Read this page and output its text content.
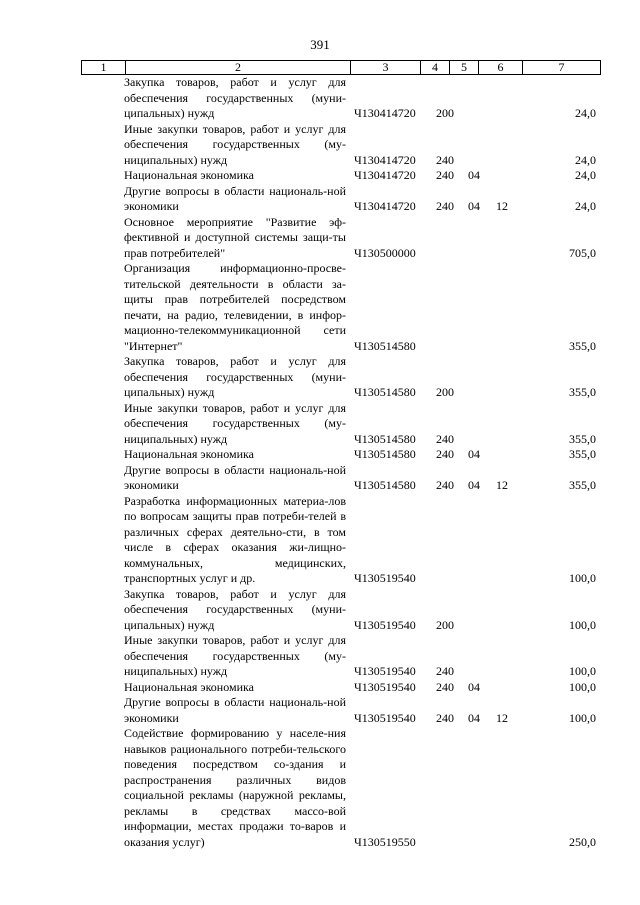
391
1	2	3	4	5	6	7
Закупка товаров, работ и услуг для обеспечения государственных (муни-ципальных) нужд	Ч130414720 200	24,0
Иные закупки товаров, работ и услуг для обеспечения государственных (му-ниципальных) нужд	Ч130414720 240	24,0
Национальная экономика	Ч130414720 240 04	24,0
Другие вопросы в области националь-ной экономики	Ч130414720 240 04 12	24,0
Основное мероприятие "Развитие эф-фективной и доступной системы защи-ты прав потребителей"	Ч130500000	705,0
Организация информационно-просве-тительской деятельности в области за-щиты прав потребителей посредством печати, на радио, телевидении, в инфор-мационно-телекоммуникационной сети "Интернет"	Ч130514580	355,0
Закупка товаров, работ и услуг для обеспечения государственных (муни-ципальных) нужд	Ч130514580 200	355,0
Иные закупки товаров, работ и услуг для обеспечения государственных (му-ниципальных) нужд	Ч130514580 240	355,0
Национальная экономика	Ч130514580 240 04	355,0
Другие вопросы в области националь-ной экономики	Ч130514580 240 04 12	355,0
Разработка информационных материа-лов по вопросам защиты прав потреби-телей в различных сферах деятельно-сти, в том числе в сферах оказания жи-лищно-коммунальных, медицинских, транспортных услуг и др.	Ч130519540	100,0
Закупка товаров, работ и услуг для обеспечения государственных (муни-ципальных) нужд	Ч130519540 200	100,0
Иные закупки товаров, работ и услуг для обеспечения государственных (му-ниципальных) нужд	Ч130519540 240	100,0
Национальная экономика	Ч130519540 240 04	100,0
Другие вопросы в области националь-ной экономики	Ч130519540 240 04 12	100,0
Содействие формированию у населе-ния навыков рационального потреби-тельского поведения посредством со-здания и распространения различных видов социальной рекламы (наружной рекламы, рекламы в средствах массо-вой информации, местах продажи то-варов и оказания услуг)	Ч130519550	250,0
